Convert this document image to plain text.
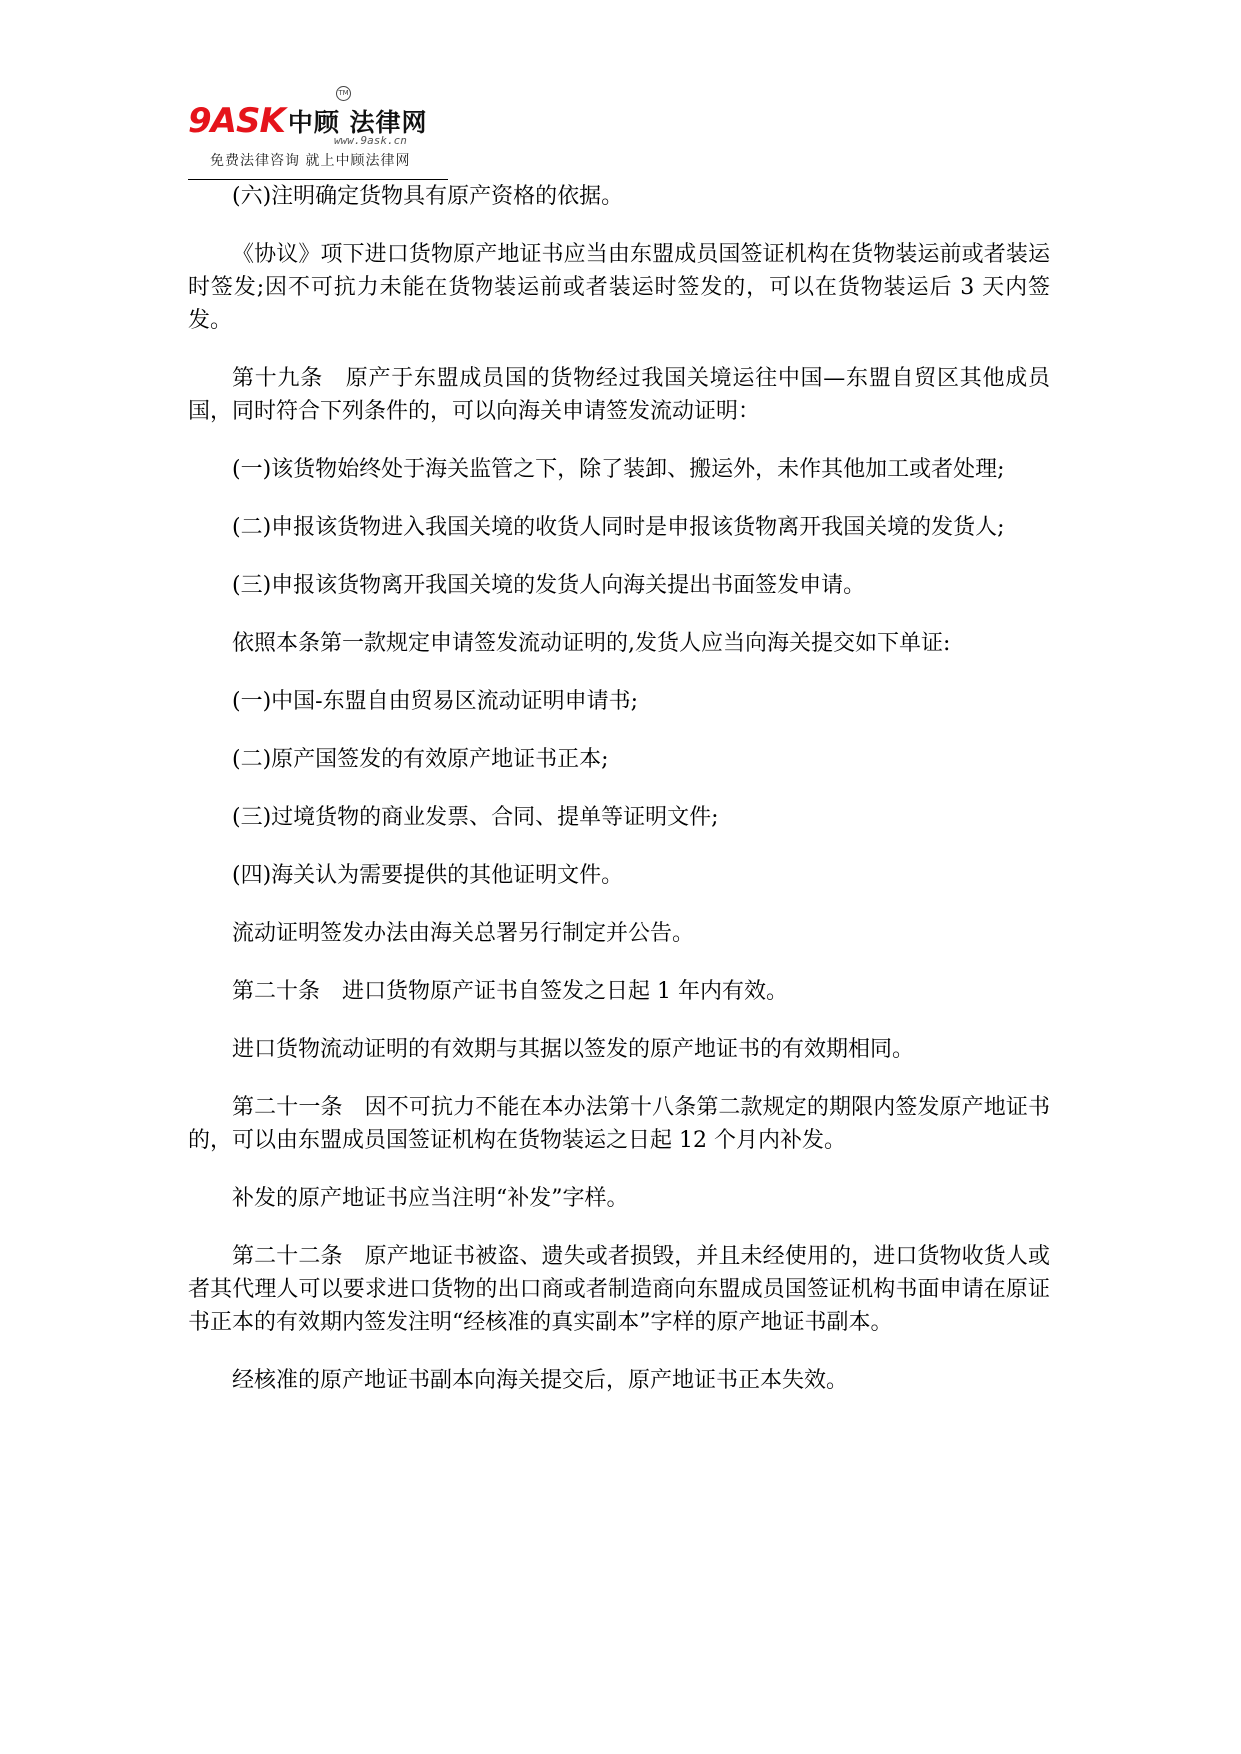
9ASK 中顾 法律网
TM
www.9ask.cn
免费法律咨询 就上中顾法律网

(六)注明确定货物具有原产资格的依据。

《协议》项下进口货物原产地证书应当由东盟成员国签证机构在货物装运前或者装运时签发;因不可抗力未能在货物装运前或者装运时签发的，可以在货物装运后 3 天内签发。

第十九条　原产于东盟成员国的货物经过我国关境运往中国—东盟自贸区其他成员国，同时符合下列条件的，可以向海关申请签发流动证明：

(一)该货物始终处于海关监管之下，除了装卸、搬运外，未作其他加工或者处理;

(二)申报该货物进入我国关境的收货人同时是申报该货物离开我国关境的发货人;

(三)申报该货物离开我国关境的发货人向海关提出书面签发申请。

依照本条第一款规定申请签发流动证明的,发货人应当向海关提交如下单证:

(一)中国-东盟自由贸易区流动证明申请书;

(二)原产国签发的有效原产地证书正本;

(三)过境货物的商业发票、合同、提单等证明文件;

(四)海关认为需要提供的其他证明文件。

流动证明签发办法由海关总署另行制定并公告。

第二十条　进口货物原产证书自签发之日起 1 年内有效。

进口货物流动证明的有效期与其据以签发的原产地证书的有效期相同。

第二十一条　因不可抗力不能在本办法第十八条第二款规定的期限内签发原产地证书的，可以由东盟成员国签证机构在货物装运之日起 12 个月内补发。

补发的原产地证书应当注明“补发”字样。

第二十二条　原产地证书被盗、遗失或者损毁，并且未经使用的，进口货物收货人或者其代理人可以要求进口货物的出口商或者制造商向东盟成员国签证机构书面申请在原证书正本的有效期内签发注明“经核准的真实副本”字样的原产地证书副本。

经核准的原产地证书副本向海关提交后，原产地证书正本失效。
